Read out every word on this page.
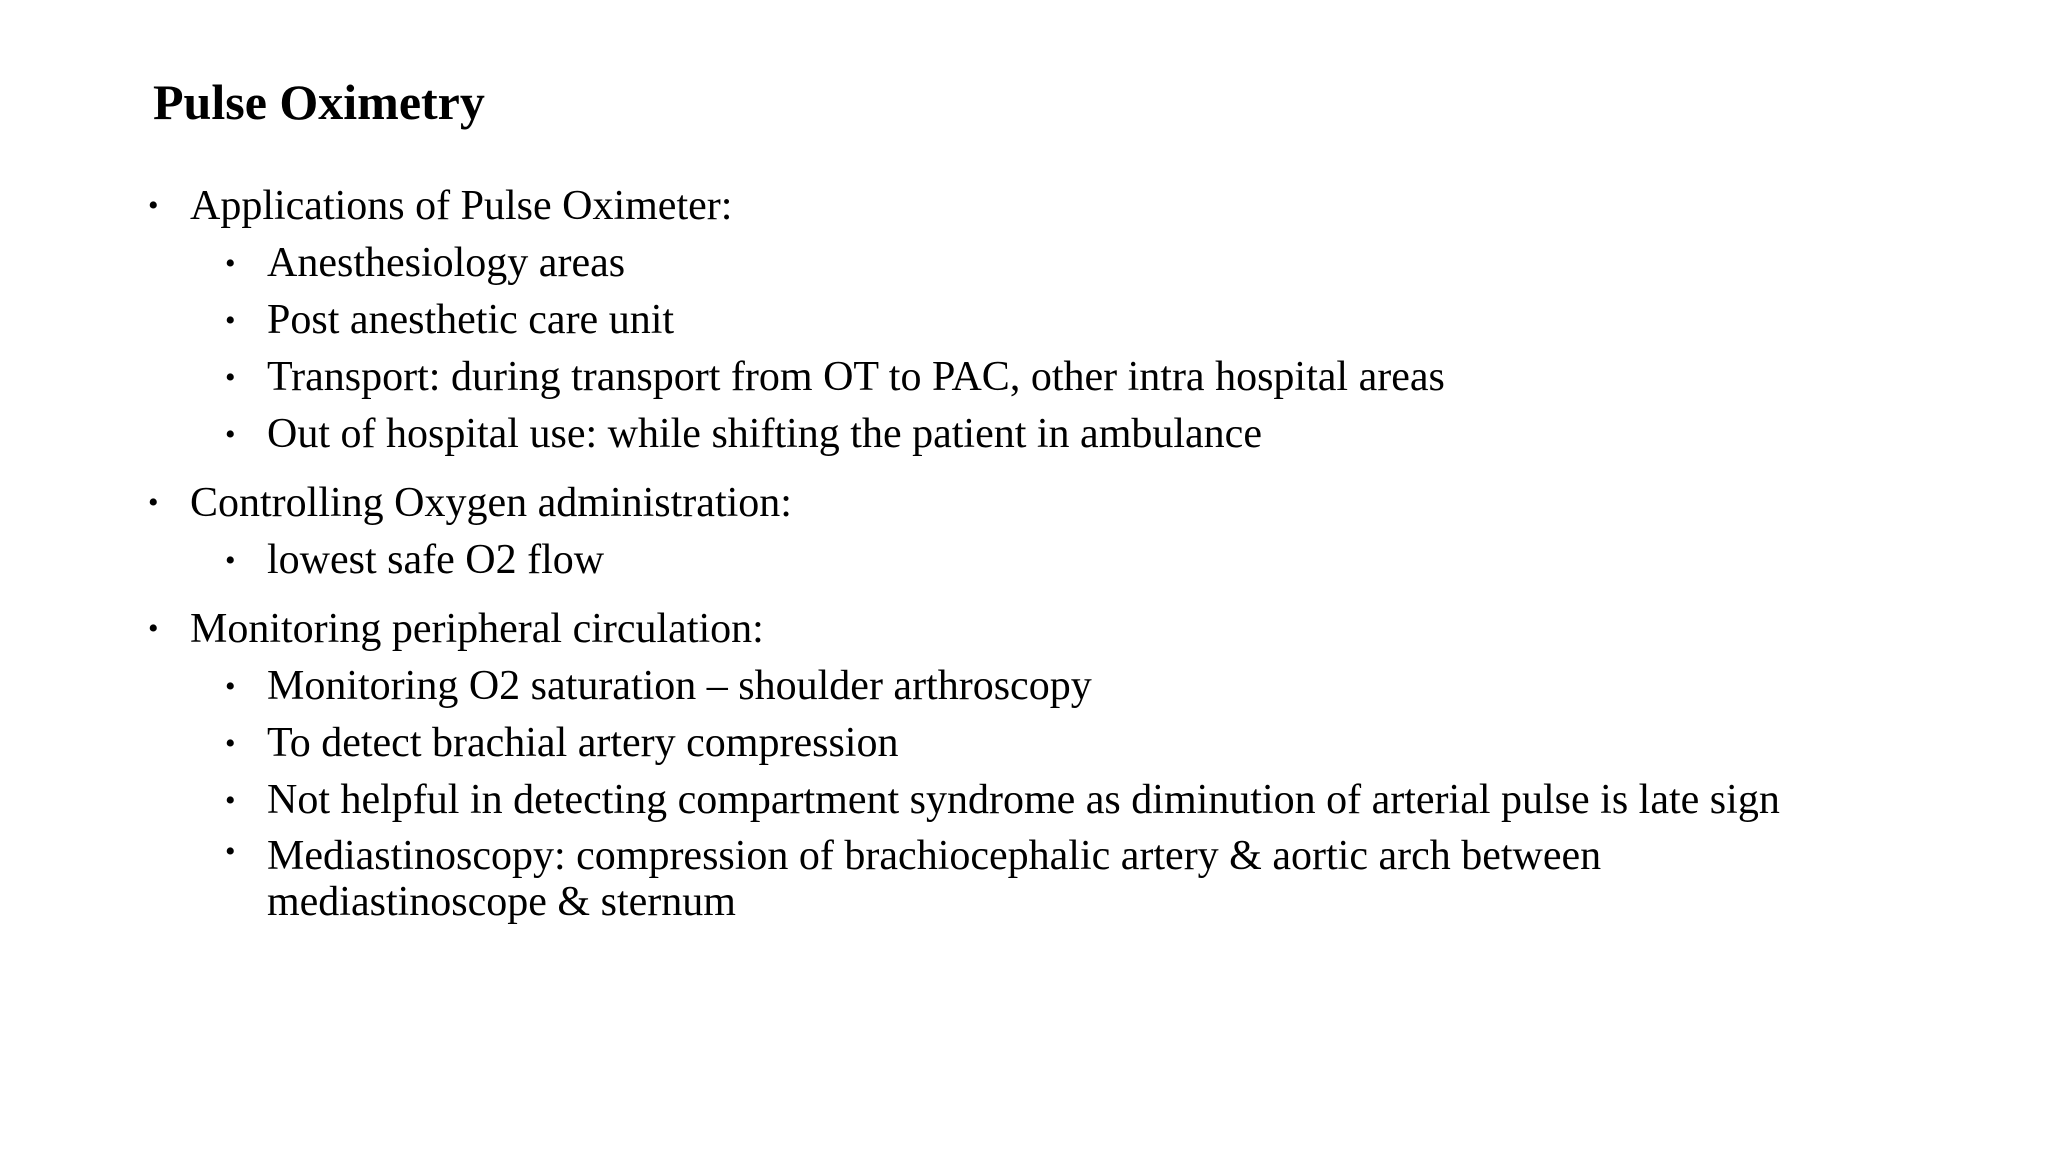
Pulse Oximetry
• Applications of Pulse Oximeter:
• Anesthesiology areas
• Post anesthetic care unit
• Transport: during transport from OT to PAC, other intra hospital areas
• Out of hospital use: while shifting the patient in ambulance
• Controlling Oxygen administration:
• lowest safe O2 flow
• Monitoring peripheral circulation:
• Monitoring O2 saturation – shoulder arthroscopy
• To detect brachial artery compression
• Not helpful in detecting compartment syndrome as diminution of arterial pulse is late sign
• Mediastinoscopy: compression of brachiocephalic artery & aortic arch between mediastinoscope & sternum
